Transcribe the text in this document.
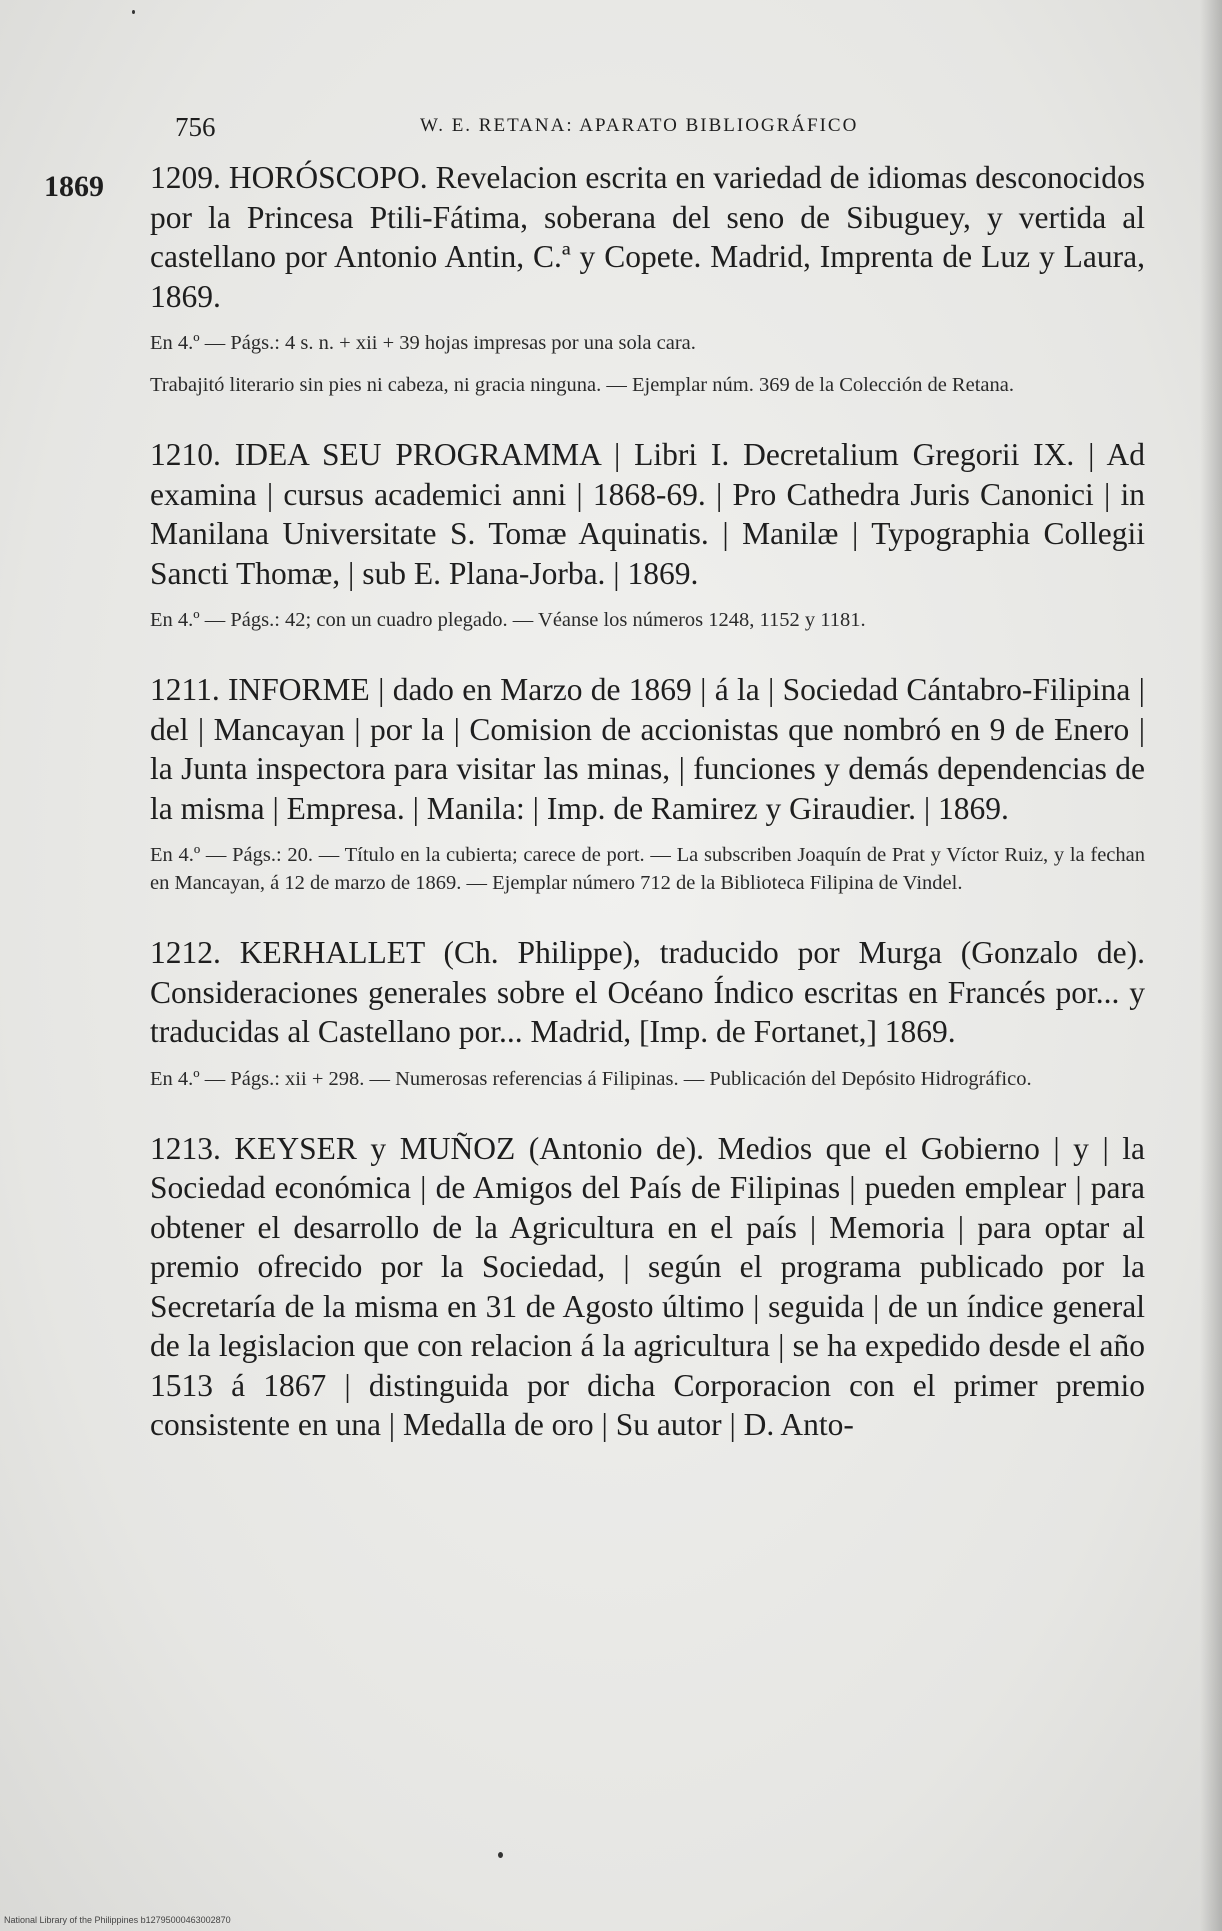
756	W. E. RETANA: APARATO BIBLIOGRÁFICO
1869 1209. HORÓSCOPO. Revelacion escrita en variedad de idiomas desconocidos por la Princesa Ptili-Fátima, soberana del seno de Sibuguey, y vertida al castellano por Antonio Antin, C.ª y Copete. Madrid, Imprenta de Luz y Laura, 1869.

En 4.º — Págs.: 4 s. n. + xii + 39 hojas impresas por una sola cara.

Trabajitó literario sin pies ni cabeza, ni gracia ninguna. — Ejemplar núm. 369 de la Colección de Retana.

1210. IDEA SEU PROGRAMMA | Libri I. Decretalium Gregorii IX. | Ad examina | cursus academici anni | 1868-69. | Pro Cathedra Juris Canonici | in Manilana Universitate S. Tomæ Aquinatis. | Manilæ | Typographia Collegii Sancti Thomæ, | sub E. Plana-Jorba. | 1869.

En 4.º — Págs.: 42; con un cuadro plegado. — Véanse los números 1248, 1152 y 1181.

1211. INFORME | dado en Marzo de 1869 | á la | Sociedad Cántabro-Filipina | del | Mancayan | por la | Comision de accionistas que nombró en 9 de Enero | la Junta inspectora para visitar las minas, | funciones y demás dependencias de la misma | Empresa. | Manila: | Imp. de Ramirez y Giraudier. | 1869.

En 4.º — Págs.: 20. — Título en la cubierta; carece de port. — La subscriben Joaquín de Prat y Víctor Ruiz, y la fechan en Mancayan, á 12 de marzo de 1869. — Ejemplar número 712 de la Biblioteca Filipina de Vindel.

1212. KERHALLET (Ch. Philippe), traducido por Murga (Gonzalo de). Consideraciones generales sobre el Océano Índico escritas en Francés por... y traducidas al Castellano por... Madrid, [Imp. de Fortanet,] 1869.

En 4.º — Págs.: xii + 298. — Numerosas referencias á Filipinas. — Publicación del Depósito Hidrográfico.

1213. KEYSER y MUÑOZ (Antonio de). Medios que el Gobierno | y | la Sociedad económica | de Amigos del País de Filipinas | pueden emplear | para obtener el desarrollo de la Agricultura en el país | Memoria | para optar al premio ofrecido por la Sociedad, | según el programa publicado por la Secretaría de la misma en 31 de Agosto último | seguida | de un índice general de la legislacion que con relacion á la agricultura | se ha expedido desde el año 1513 á 1867 | distinguida por dicha Corporacion con el primer premio consistente en una | Medalla de oro | Su autor | D. Anto-

National Library of the Philippines b12795000463002870
